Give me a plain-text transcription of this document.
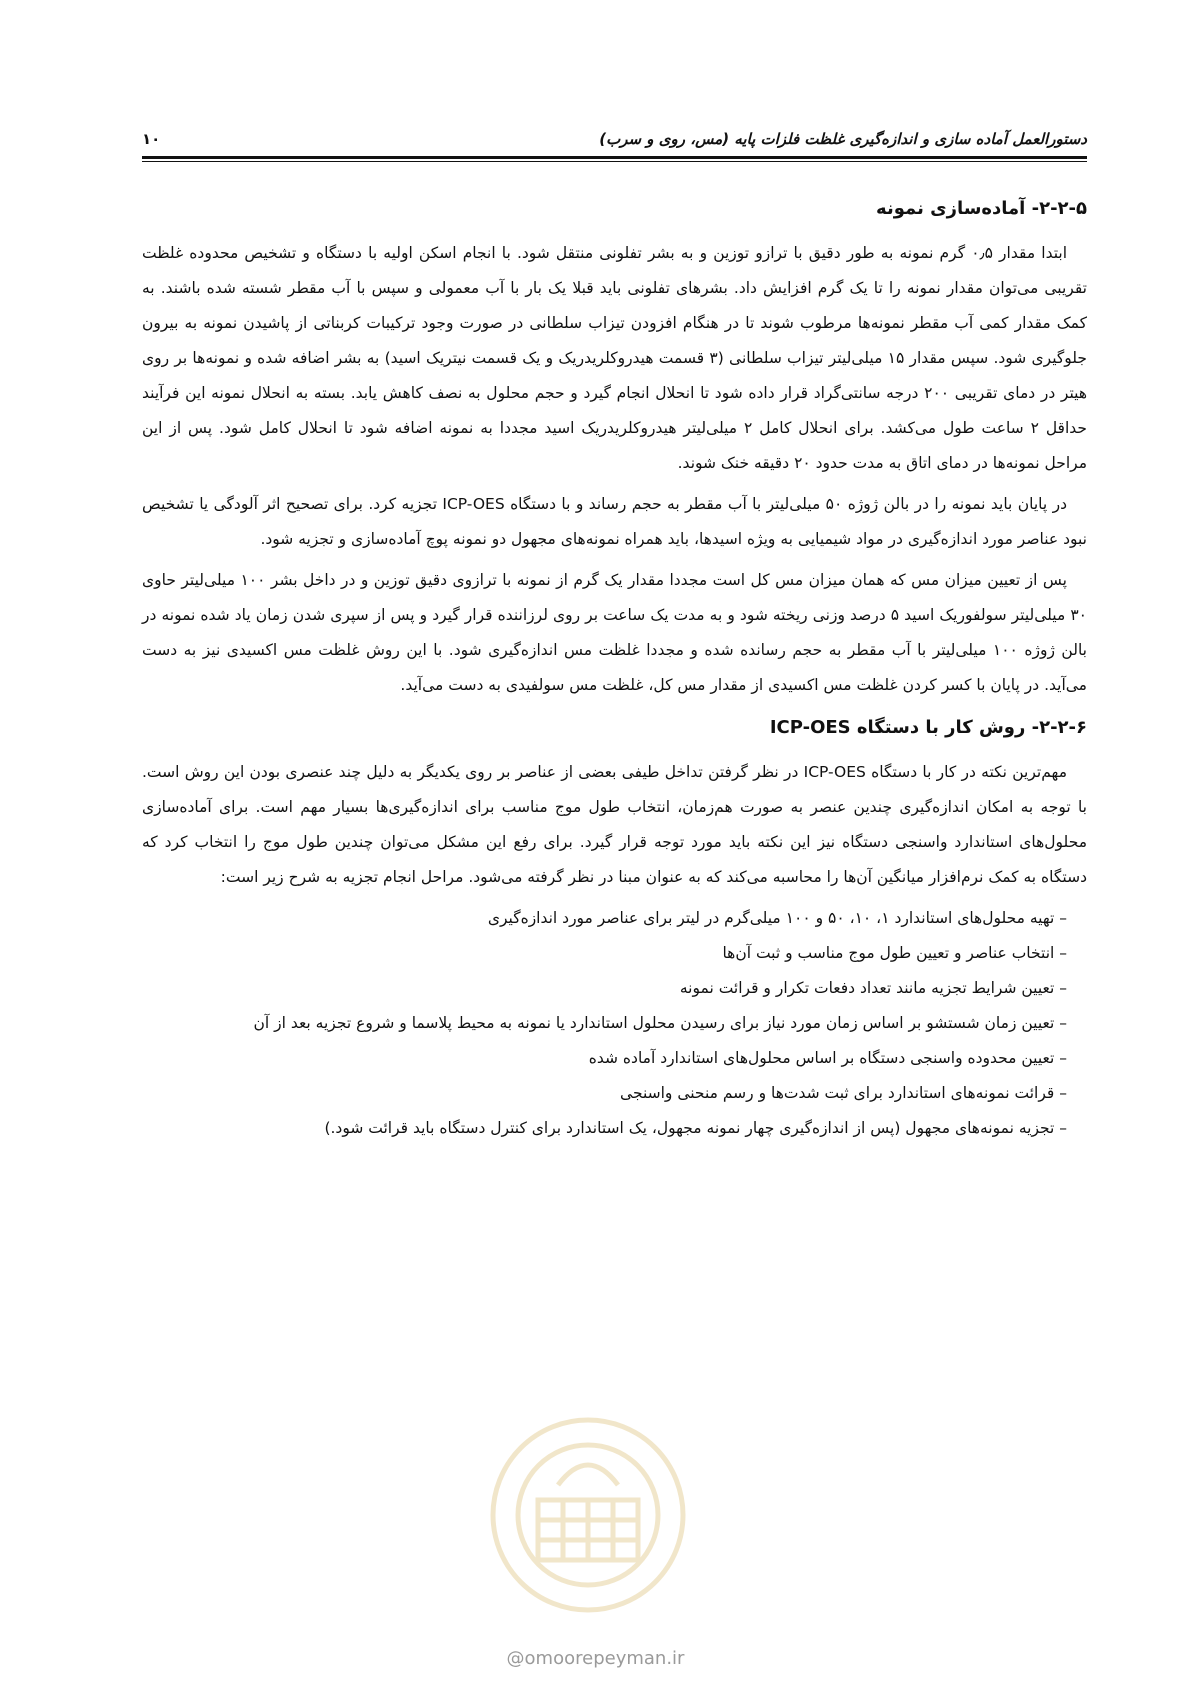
دستورالعمل آماده سازی و اندازه‌گیری غلظت فلزات پایه (مس، روی و سرب)
۱۰
۲-۲-۵- آماده‌سازی نمونه

ابتدا مقدار ۰٫۵ گرم نمونه به طور دقیق با ترازو توزین و به بشر تفلونی منتقل شود. با انجام اسکن اولیه با دستگاه و تشخیص محدوده غلظت تقریبی می‌توان مقدار نمونه را تا یک گرم افزایش داد. بشرهای تفلونی باید قبلا یک بار با آب معمولی و سپس با آب مقطر شسته شده باشند. به کمک مقدار کمی آب مقطر نمونه‌ها مرطوب شوند تا در هنگام افزودن تیزاب سلطانی در صورت وجود ترکیبات کربناتی از پاشیدن نمونه به بیرون جلوگیری شود. سپس مقدار ۱۵ میلی‌لیتر تیزاب سلطانی (۳ قسمت هیدروکلریدریک و یک قسمت نیتریک اسید) به بشر اضافه شده و نمونه‌ها بر روی هیتر در دمای تقریبی ۲۰۰ درجه سانتی‌گراد قرار داده شود تا انحلال انجام گیرد و حجم محلول به نصف کاهش یابد. بسته به انحلال نمونه این فرآیند حداقل ۲ ساعت طول می‌کشد. برای انحلال کامل ۲ میلی‌لیتر هیدروکلریدریک اسید مجددا به نمونه اضافه شود تا انحلال کامل شود. پس از این مراحل نمونه‌ها در دمای اتاق به مدت حدود ۲۰ دقیقه خنک شوند.

در پایان باید نمونه را در بالن ژوژه ۵۰ میلی‌لیتر با آب مقطر به حجم رساند و با دستگاه ICP-OES تجزیه کرد. برای تصحیح اثر آلودگی یا تشخیص نبود عناصر مورد اندازه‌گیری در مواد شیمیایی به ویژه اسیدها، باید همراه نمونه‌های مجهول دو نمونه پوچ آماده‌سازی و تجزیه شود.

پس از تعیین میزان مس که همان میزان مس کل است مجددا مقدار یک گرم از نمونه با ترازوی دقیق توزین و در داخل بشر ۱۰۰ میلی‌لیتر حاوی ۳۰ میلی‌لیتر سولفوریک اسید ۵ درصد وزنی ریخته شود و به مدت یک ساعت بر روی لرزاننده قرار گیرد و پس از سپری شدن زمان یاد شده نمونه در بالن ژوژه ۱۰۰ میلی‌لیتر با آب مقطر به حجم رسانده شده و مجددا غلظت مس اندازه‌گیری شود. با این روش غلظت مس اکسیدی نیز به دست می‌آید. در پایان با کسر کردن غلظت مس اکسیدی از مقدار مس کل، غلظت مس سولفیدی به دست می‌آید.

۲-۲-۶- روش کار با دستگاه ICP-OES

مهم‌ترین نکته در کار با دستگاه ICP-OES در نظر گرفتن تداخل طیفی بعضی از عناصر بر روی یکدیگر به دلیل چند عنصری بودن این روش است. با توجه به امکان اندازه‌گیری چندین عنصر به صورت هم‌زمان، انتخاب طول موج مناسب برای اندازه‌گیری‌ها بسیار مهم است. برای آماده‌سازی محلول‌های استاندارد واسنجی دستگاه نیز این نکته باید مورد توجه قرار گیرد. برای رفع این مشکل می‌توان چندین طول موج را انتخاب کرد که دستگاه به کمک نرم‌افزار میانگین آن‌ها را محاسبه می‌کند که به عنوان مبنا در نظر گرفته می‌شود. مراحل انجام تجزیه به شرح زیر است:

– تهیه محلول‌های استاندارد ۱، ۱۰، ۵۰ و ۱۰۰ میلی‌گرم در لیتر برای عناصر مورد اندازه‌گیری
– انتخاب عناصر و تعیین طول موج مناسب و ثبت آن‌ها
– تعیین شرایط تجزیه مانند تعداد دفعات تکرار و قرائت نمونه
– تعیین زمان شستشو بر اساس زمان مورد نیاز برای رسیدن محلول استاندارد یا نمونه به محیط پلاسما و شروع تجزیه بعد از آن
– تعیین محدوده واسنجی دستگاه بر اساس محلول‌های استاندارد آماده شده
– قرائت نمونه‌های استاندارد برای ثبت شدت‌ها و رسم منحنی واسنجی
– تجزیه نمونه‌های مجهول (پس از اندازه‌گیری چهار نمونه مجهول، یک استاندارد برای کنترل دستگاه باید قرائت شود.)
@omoorepeyman.ir
